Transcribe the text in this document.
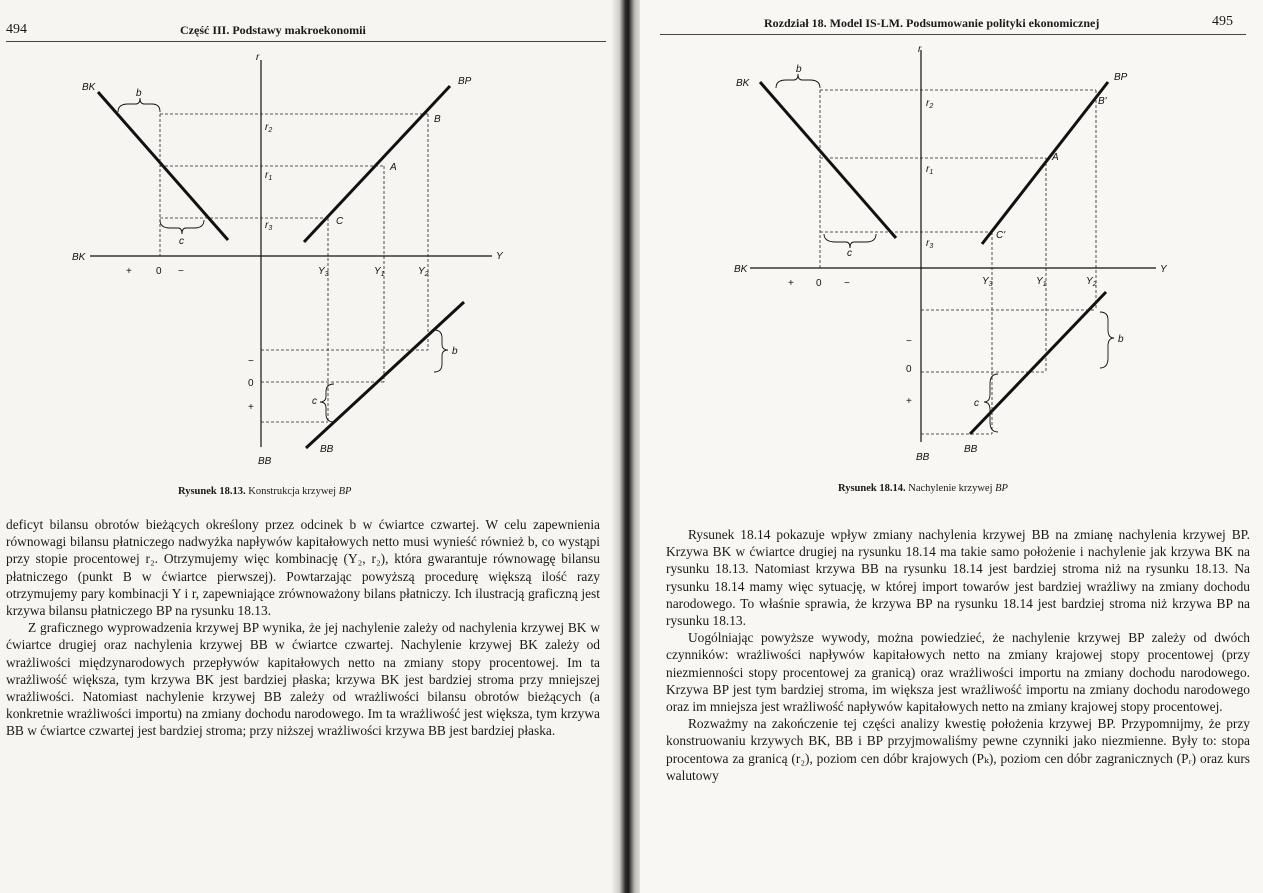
494	Część III. Podstawy makroekonomii
r
Y
BK
BK
BP
BB
BB
B
A
C
$r_2$
$r_1$
$r_3$
$Y_3$	$Y_1$	$Y_2$
+ 0 −
−
0
+
b
c
b
c
Rysunek 18.13. Konstrukcja krzywej BP

deficyt bilansu obrotów bieżących określony przez odcinek b w ćwiartce czwartej. W celu zapewnienia równowagi bilansu płatniczego nadwyżka napływów kapitałowych netto musi wynieść również b, co wystąpi przy stopie procentowej r₂. Otrzymujemy więc kombinację (Y₂, r₂), która gwarantuje równowagę bilansu płatniczego (punkt B w ćwiartce pierwszej). Powtarzając powyższą procedurę większą ilość razy otrzymujemy pary kombinacji Y i r, zapewniające zrównoważony bilans płatniczy. Ich ilustracją graficzną jest krzywa bilansu płatniczego BP na rysunku 18.13.

Z graficznego wyprowadzenia krzywej BP wynika, że jej nachylenie zależy od nachylenia krzywej BK w ćwiartce drugiej oraz nachylenia krzywej BB w ćwiartce czwartej. Nachylenie krzywej BK zależy od wrażliwości międzynarodowych przepływów kapitałowych netto na zmiany stopy procentowej. Im ta wrażliwość większa, tym krzywa BK jest bardziej płaska; krzywa BK jest bardziej stroma przy mniejszej wrażliwości. Natomiast nachylenie krzywej BB zależy od wrażliwości bilansu obrotów bieżących (a konkretnie wrażliwości importu) na zmiany dochodu narodowego. Im ta wrażliwość jest większa, tym krzywa BB w ćwiartce czwartej jest bardziej stroma; przy niższej wrażliwości krzywa BB jest bardziej płaska.

Rozdział 18. Model IS-LM. Podsumowanie polityki ekonomicznej	495
r
Y
BK
BK
BP
BB
BB
B'
A
C'
$r_2$
$r_1$
$r_3$
$Y_3$	$Y_1$	$Y_2$
+ 0 −
−
0
+
b
c
b
c
Rysunek 18.14. Nachylenie krzywej BP

Rysunek 18.14 pokazuje wpływ zmiany nachylenia krzywej BB na zmianę nachylenia krzywej BP. Krzywa BK w ćwiartce drugiej na rysunku 18.14 ma takie samo położenie i nachylenie jak krzywa BK na rysunku 18.13. Natomiast krzywa BB na rysunku 18.14 jest bardziej stroma niż na rysunku 18.13. Na rysunku 18.14 mamy więc sytuację, w której import towarów jest bardziej wrażliwy na zmiany dochodu narodowego. To właśnie sprawia, że krzywa BP na rysunku 18.14 jest bardziej stroma niż krzywa BP na rysunku 18.13.

Uogólniając powyższe wywody, można powiedzieć, że nachylenie krzywej BP zależy od dwóch czynników: wrażliwości napływów kapitałowych netto na zmiany krajowej stopy procentowej (przy niezmienności stopy procentowej za granicą) oraz wrażliwości importu na zmiany dochodu narodowego. Krzywa BP jest tym bardziej stroma, im większa jest wrażliwość importu na zmiany dochodu narodowego oraz im mniejsza jest wrażliwość napływów kapitałowych netto na zmiany krajowej stopy procentowej.

Rozważmy na zakończenie tej części analizy kwestię położenia krzywej BP. Przypomnijmy, że przy konstruowaniu krzywych BK, BB i BP przyjmowaliśmy pewne czynniki jako niezmienne. Były to: stopa procentowa za granicą (r₂), poziom cen dóbr krajowych (Pₖ), poziom cen dóbr zagranicznych (Pᵣ) oraz kurs walutowy
